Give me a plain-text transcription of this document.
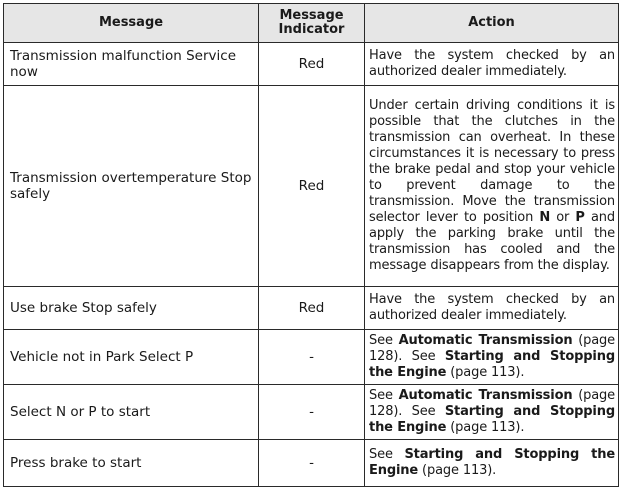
Message	Message Indicator	Action
Transmission malfunction Service now	Red	Have the system checked by an authorized dealer immediately.

Transmission overtemperature Stop safely	Red	Under certain driving conditions it is possible that the clutches in the transmission can overheat. In these circumstances it is necessary to press the brake pedal and stop your vehicle to prevent damage to the transmission. Move the transmission selector lever to position N or P and apply the parking brake until the transmission has cooled and the message disappears from the display.

Use brake Stop safely	Red	Have the system checked by an authorized dealer immediately.

Vehicle not in Park Select P	-	See Automatic Transmission (page 128). See Starting and Stopping the Engine (page 113).

Select N or P to start	-	See Automatic Transmission (page 128). See Starting and Stopping the Engine (page 113).

Press brake to start	-	See Starting and Stopping the Engine (page 113).
